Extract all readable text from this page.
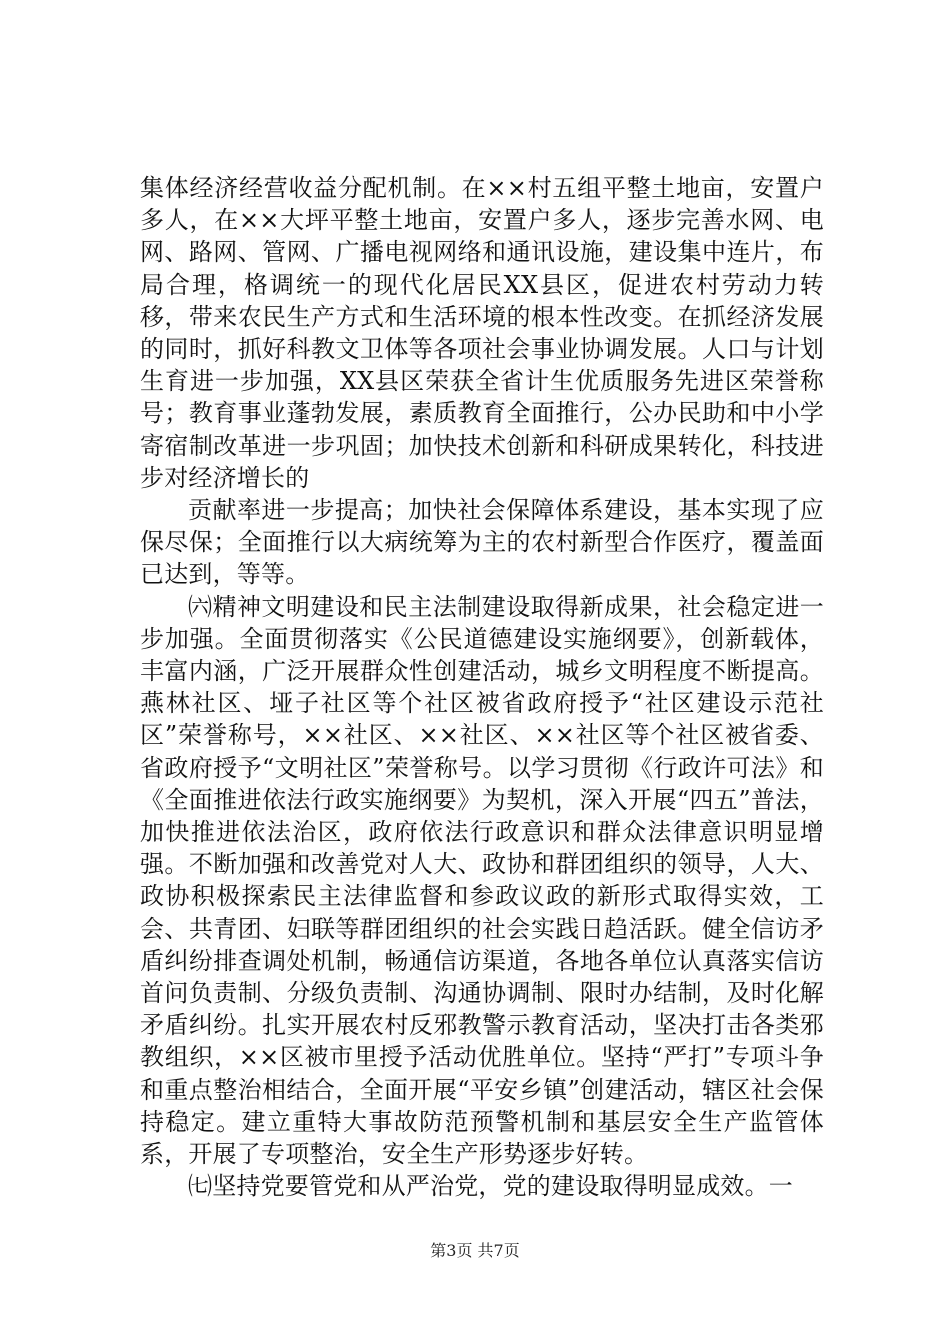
集体经济经营收益分配机制。在××村五组平整土地亩，安置户多人，在××大坪平整土地亩，安置户多人，逐步完善水网、电网、路网、管网、广播电视网络和通讯设施，建设集中连片，布局合理，格调统一的现代化居民XX县区，促进农村劳动力转移，带来农民生产方式和生活环境的根本性改变。在抓经济发展的同时，抓好科教文卫体等各项社会事业协调发展。人口与计划生育进一步加强，XX县区荣获全省计生优质服务先进区荣誉称号；教育事业蓬勃发展，素质教育全面推行，公办民助和中小学寄宿制改革进一步巩固；加快技术创新和科研成果转化，科技进步对经济增长的

贡献率进一步提高；加快社会保障体系建设，基本实现了应保尽保；全面推行以大病统筹为主的农村新型合作医疗，覆盖面已达到，等等。

㈥精神文明建设和民主法制建设取得新成果，社会稳定进一步加强。全面贯彻落实《公民道德建设实施纲要》，创新载体，丰富内涵，广泛开展群众性创建活动，城乡文明程度不断提高。燕林社区、垭子社区等个社区被省政府授予“社区建设示范社区”荣誉称号，××社区、××社区、××社区等个社区被省委、省政府授予“文明社区”荣誉称号。以学习贯彻《行政许可法》和《全面推进依法行政实施纲要》为契机，深入开展“四五”普法，加快推进依法治区，政府依法行政意识和群众法律意识明显增强。不断加强和改善党对人大、政协和群团组织的领导，人大、政协积极探索民主法律监督和参政议政的新形式取得实效，工会、共青团、妇联等群团组织的社会实践日趋活跃。健全信访矛盾纠纷排查调处机制，畅通信访渠道，各地各单位认真落实信访首问负责制、分级负责制、沟通协调制、限时办结制，及时化解矛盾纠纷。扎实开展农村反邪教警示教育活动，坚决打击各类邪教组织，××区被市里授予活动优胜单位。坚持“严打”专项斗争和重点整治相结合，全面开展“平安乡镇”创建活动，辖区社会保持稳定。建立重特大事故防范预警机制和基层安全生产监管体系，开展了专项整治，安全生产形势逐步好转。

㈦坚持党要管党和从严治党，党的建设取得明显成效。一

第3页 共7页
